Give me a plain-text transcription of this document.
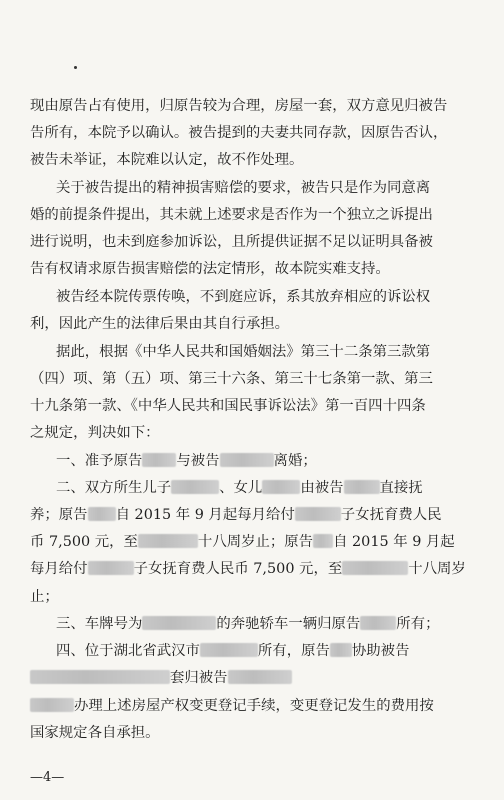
现由原告占有使用，归原告较为合理，房屋一套，双方意见归被告
告所有，本院予以确认。被告提到的夫妻共同存款，因原告否认，
被告未举证，本院难以认定，故不作处理。
关于被告提出的精神损害赔偿的要求，被告只是作为同意离
婚的前提条件提出，其未就上述要求是否作为一个独立之诉提出
进行说明，也未到庭参加诉讼，且所提供证据不足以证明具备被
告有权请求原告损害赔偿的法定情形，故本院实难支持。
被告经本院传票传唤，不到庭应诉，系其放弃相应的诉讼权
利，因此产生的法律后果由其自行承担。
据此，根据《中华人民共和国婚姻法》第三十二条第三款第
（四）项、第（五）项、第三十六条、第三十七条第一款、第三
十九条第一款、《中华人民共和国民事诉讼法》第一百四十四条
之规定，判决如下：
一、准予原告 与被告	离婚；
二、双方所生儿子	、女儿	由被告	直接抚
养；原告 自 2015 年 9 月起每月给付	子女抚育费人民
币 7,500 元，至	十八周岁止；原告 自 2015 年 9 月起
每月给付	子女抚育费人民币 7,500 元，至	十八周岁
止；
三、车牌号为	的奔驰轿车一辆归原告	所有；
四、位于湖北省武汉市	所有，原告 协助被告
套归被告
办理上述房屋产权变更登记手续，变更登记发生的费用按
国家规定各自承担。
—4—
